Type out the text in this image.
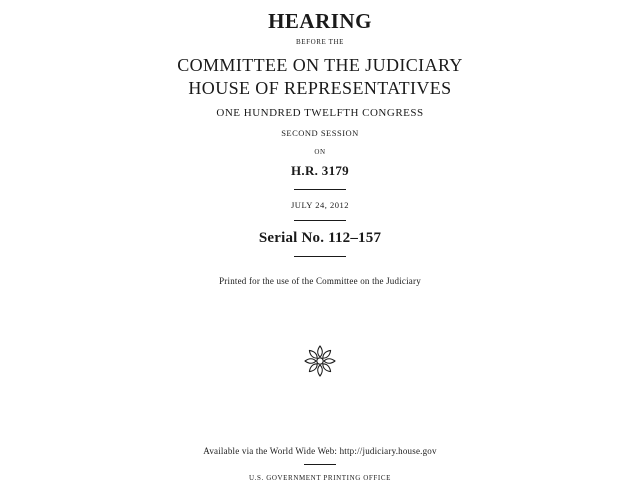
HEARING
BEFORE THE
COMMITTEE ON THE JUDICIARY
HOUSE OF REPRESENTATIVES
ONE HUNDRED TWELFTH CONGRESS
SECOND SESSION
ON
H.R. 3179
JULY 24, 2012
Serial No. 112–157
Printed for the use of the Committee on the Judiciary
Available via the World Wide Web: http://judiciary.house.gov
U.S. GOVERNMENT PRINTING OFFICE
